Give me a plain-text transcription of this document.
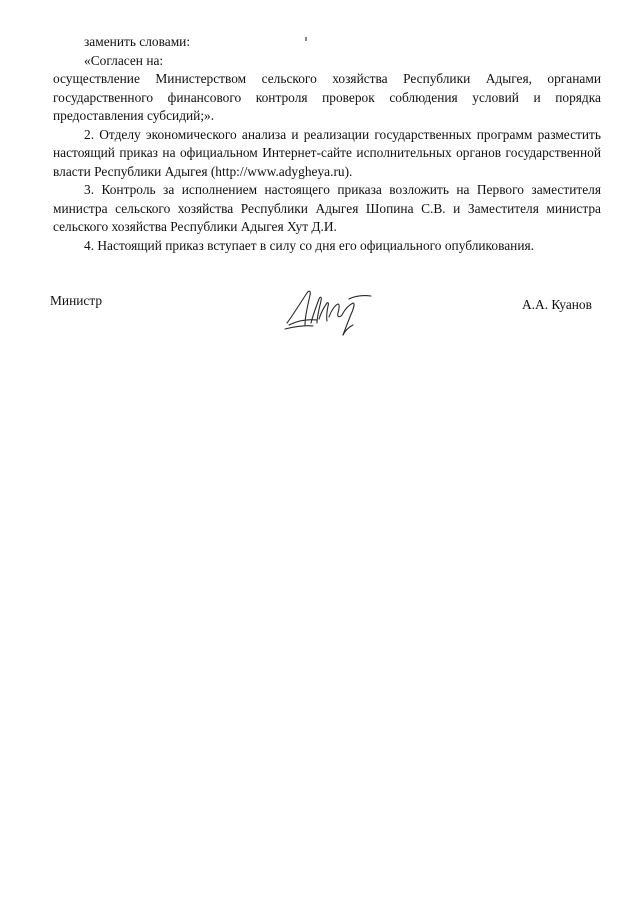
заменить словами:
«Согласен на:

осуществление Министерством сельского хозяйства Республики Адыгея, органами государственного финансового контроля проверок соблюдения условий и порядка предоставления субсидий;».

2. Отделу экономического анализа и реализации государственных программ разместить настоящий приказ на официальном Интернет-сайте исполнительных органов государственной власти Республики Адыгея (http://www.adygheya.ru).

3. Контроль за исполнением настоящего приказа возложить на Первого заместителя министра сельского хозяйства Республики Адыгея Шопина С.В. и Заместителя министра сельского хозяйства Республики Адыгея Хут Д.И.

4. Настоящий приказ вступает в силу со дня его официального опубликования.

Министр	А.А. Куанов
